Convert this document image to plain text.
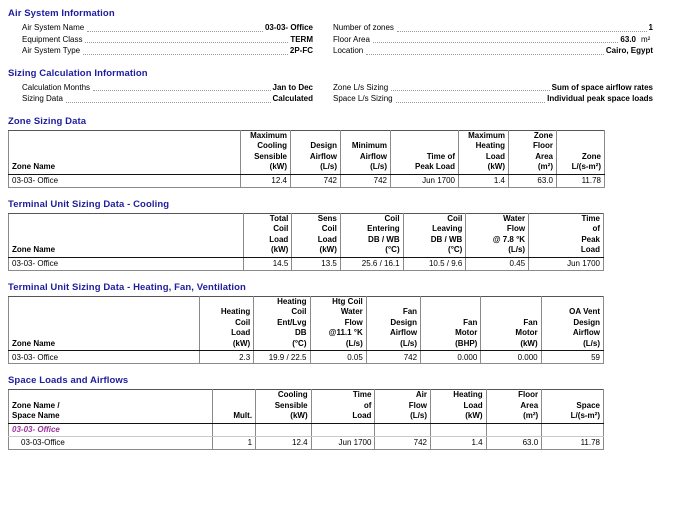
Air System Information
Air System Name	03-03- Office
Equipment Class	TERM
Air System Type	2P-FC
Number of zones	1
Floor Area	63.0 m²
Location	Cairo, Egypt
Sizing Calculation Information
Calculation Months	Jan to Dec
Sizing Data	Calculated
Zone L/s Sizing	Sum of space airflow rates
Space L/s Sizing	Individual peak space loads
Zone Sizing Data

Zone Name	Maximum
Cooling
Sensible
(kW)	Design
Airflow
(L/s)	Minimum
Airflow
(L/s)	Time of
Peak Load	Maximum
Heating
Load
(kW)	Zone
Floor
Area
(m²)	Zone
L/(s-m²)

03-03- Office	12.4	742	742	Jun 1700	1.4	63.0	11.78
Terminal Unit Sizing Data - Cooling

Zone Name	Total
Coil
Load
(kW)	Sens
Coil
Load
(kW)	Coil
Entering
DB / WB
(°C)	Coil
Leaving
DB / WB
(°C)	Water
Flow
@ 7.8 °K
(L/s)	Time
of
Peak
Load

03-03- Office	14.5	13.5	25.6 / 16.1	10.5 / 9.6	0.45	Jun 1700
Terminal Unit Sizing Data - Heating, Fan, Ventilation

Zone Name	Heating
Coil
Load
(kW)	Heating
Coil
Ent/Lvg
DB
(°C)	Htg Coil
Water
Flow
@11.1 °K
(L/s)	Fan
Design
Airflow
(L/s)	Fan
Motor
(BHP)	Fan
Motor
(kW)	OA Vent
Design
Airflow
(L/s)

03-03- Office	2.3	19.9 / 22.5	0.05	742	0.000	0.000	59
Space Loads and Airflows

Zone Name /
Space Name	Mult.	Cooling
Sensible
(kW)	Time
of
Load	Air
Flow
(L/s)	Heating
Load
(kW)	Floor
Area
(m²)	Space
L/(s-m²)

03-03- Office							
03-03-Office	1	12.4	Jun 1700	742	1.4	63.0	11.78
